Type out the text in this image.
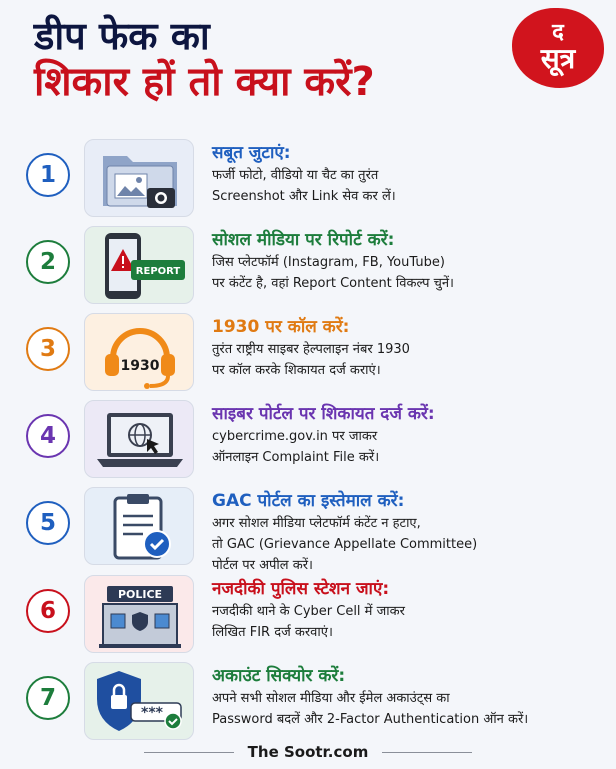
डीप फेक का
शिकार हों तो क्या करें?
द
सूत्र
1
सबूत जुटाएं:
फर्जी फोटो, वीडियो या चैट का तुरंत
Screenshot और Link सेव कर लें।
2	REPORT
सोशल मीडिया पर रिपोर्ट करें:
जिस प्लेटफॉर्म (Instagram, FB, YouTube)
पर कंटेंट है, वहां Report Content विकल्प चुनें।
3
1930
1930 पर कॉल करें:
तुरंत राष्ट्रीय साइबर हेल्पलाइन नंबर 1930
पर कॉल करके शिकायत दर्ज कराएं।
4
साइबर पोर्टल पर शिकायत दर्ज करें:
cybercrime.gov.in पर जाकर
ऑनलाइन Complaint File करें।
5
GAC पोर्टल का इस्तेमाल करें:
अगर सोशल मीडिया प्लेटफॉर्म कंटेंट न हटाए,
तो GAC (Grievance Appellate Committee)
पोर्टल पर अपील करें।
6
POLICE	नजदीकी पुलिस स्टेशन जाएं:
नजदीकी थाने के Cyber Cell में जाकर
लिखित FIR दर्ज करवाएं।
7
***
अकाउंट सिक्योर करें:
अपने सभी सोशल मीडिया और ईमेल अकाउंट्स का
Password बदलें और 2-Factor Authentication ऑन करें।
The Sootr.com
